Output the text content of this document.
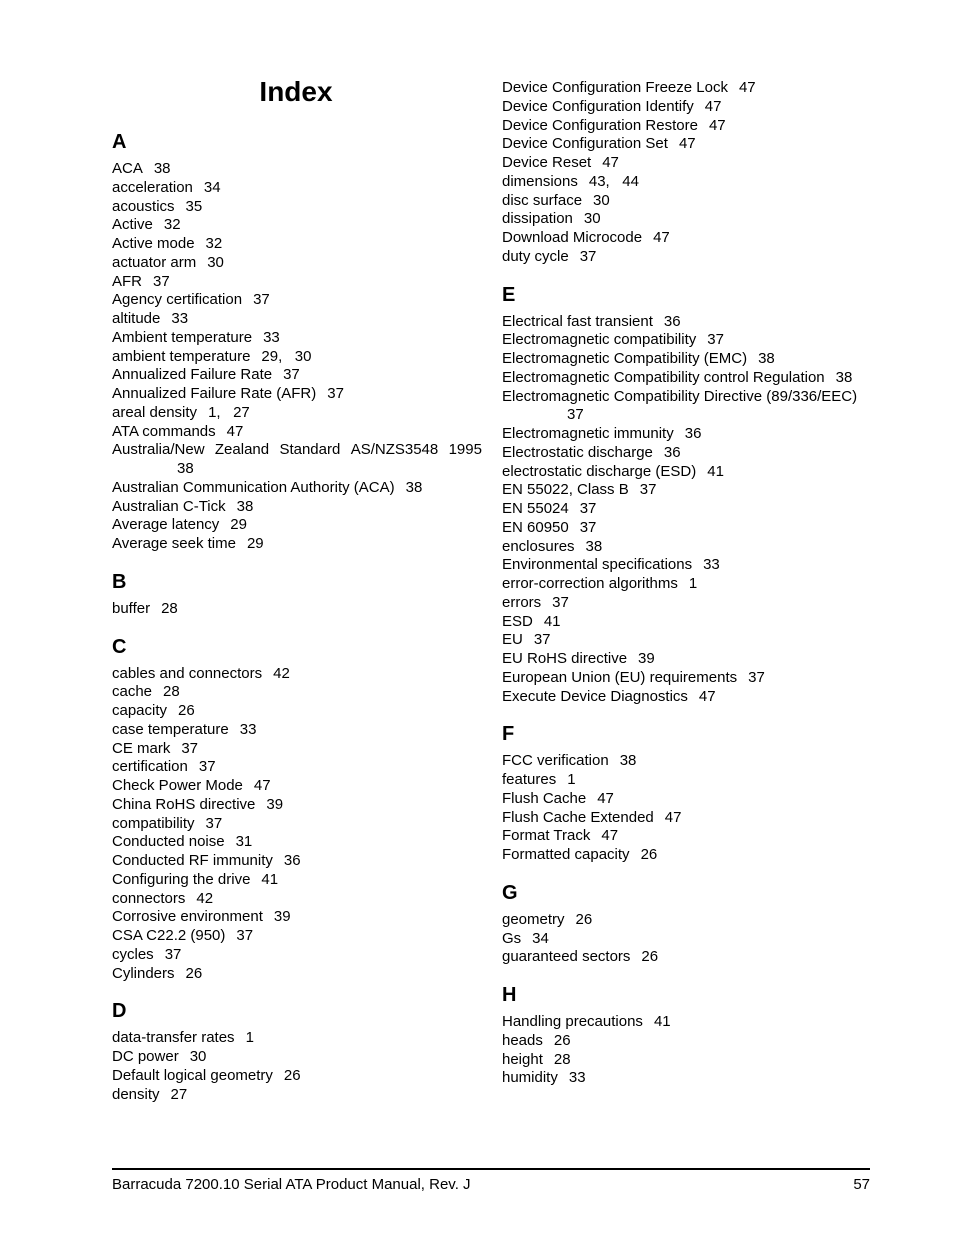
Index
A
ACA 38
acceleration 34
acoustics 35
Active 32
Active mode 32
actuator arm 30
AFR 37
Agency certification 37
altitude 33
Ambient temperature 33
ambient temperature 29,   30
Annualized Failure Rate 37
Annualized Failure Rate (AFR) 37
areal density 1,   27
ATA commands 47
Australia/New Zealand Standard AS/NZS3548 1995
38
Australian Communication Authority (ACA) 38
Australian C-Tick 38
Average latency 29
Average seek time 29
B
buffer 28
C
cables and connectors 42
cache 28
capacity 26
case temperature 33
CE mark 37
certification 37
Check Power Mode 47
China RoHS directive 39
compatibility 37
Conducted noise 31
Conducted RF immunity 36
Configuring the drive 41
connectors 42
Corrosive environment 39
CSA C22.2 (950) 37
cycles 37
Cylinders 26
D
data-transfer rates 1
DC power 30
Default logical geometry 26
density 27
Device Configuration Freeze Lock 47
Device Configuration Identify 47
Device Configuration Restore 47
Device Configuration Set 47
Device Reset 47
dimensions 43,   44
disc surface 30
dissipation 30
Download Microcode 47
duty cycle 37
E
Electrical fast transient 36
Electromagnetic compatibility 37
Electromagnetic Compatibility (EMC) 38
Electromagnetic Compatibility control Regulation 38
Electromagnetic Compatibility Directive (89/336/EEC)
37
Electromagnetic immunity 36
Electrostatic discharge 36
electrostatic discharge (ESD) 41
EN 55022, Class B 37
EN 55024 37
EN 60950 37
enclosures 38
Environmental specifications 33
error-correction algorithms 1
errors 37
ESD 41
EU 37
EU RoHS directive 39
European Union (EU) requirements 37
Execute Device Diagnostics 47
F
FCC verification 38
features 1
Flush Cache 47
Flush Cache Extended 47
Format Track 47
Formatted capacity 26
G
geometry 26
Gs 34
guaranteed sectors 26
H
Handling precautions 41
heads 26
height 28
humidity 33
Barracuda 7200.10 Serial ATA Product Manual, Rev. J	57
